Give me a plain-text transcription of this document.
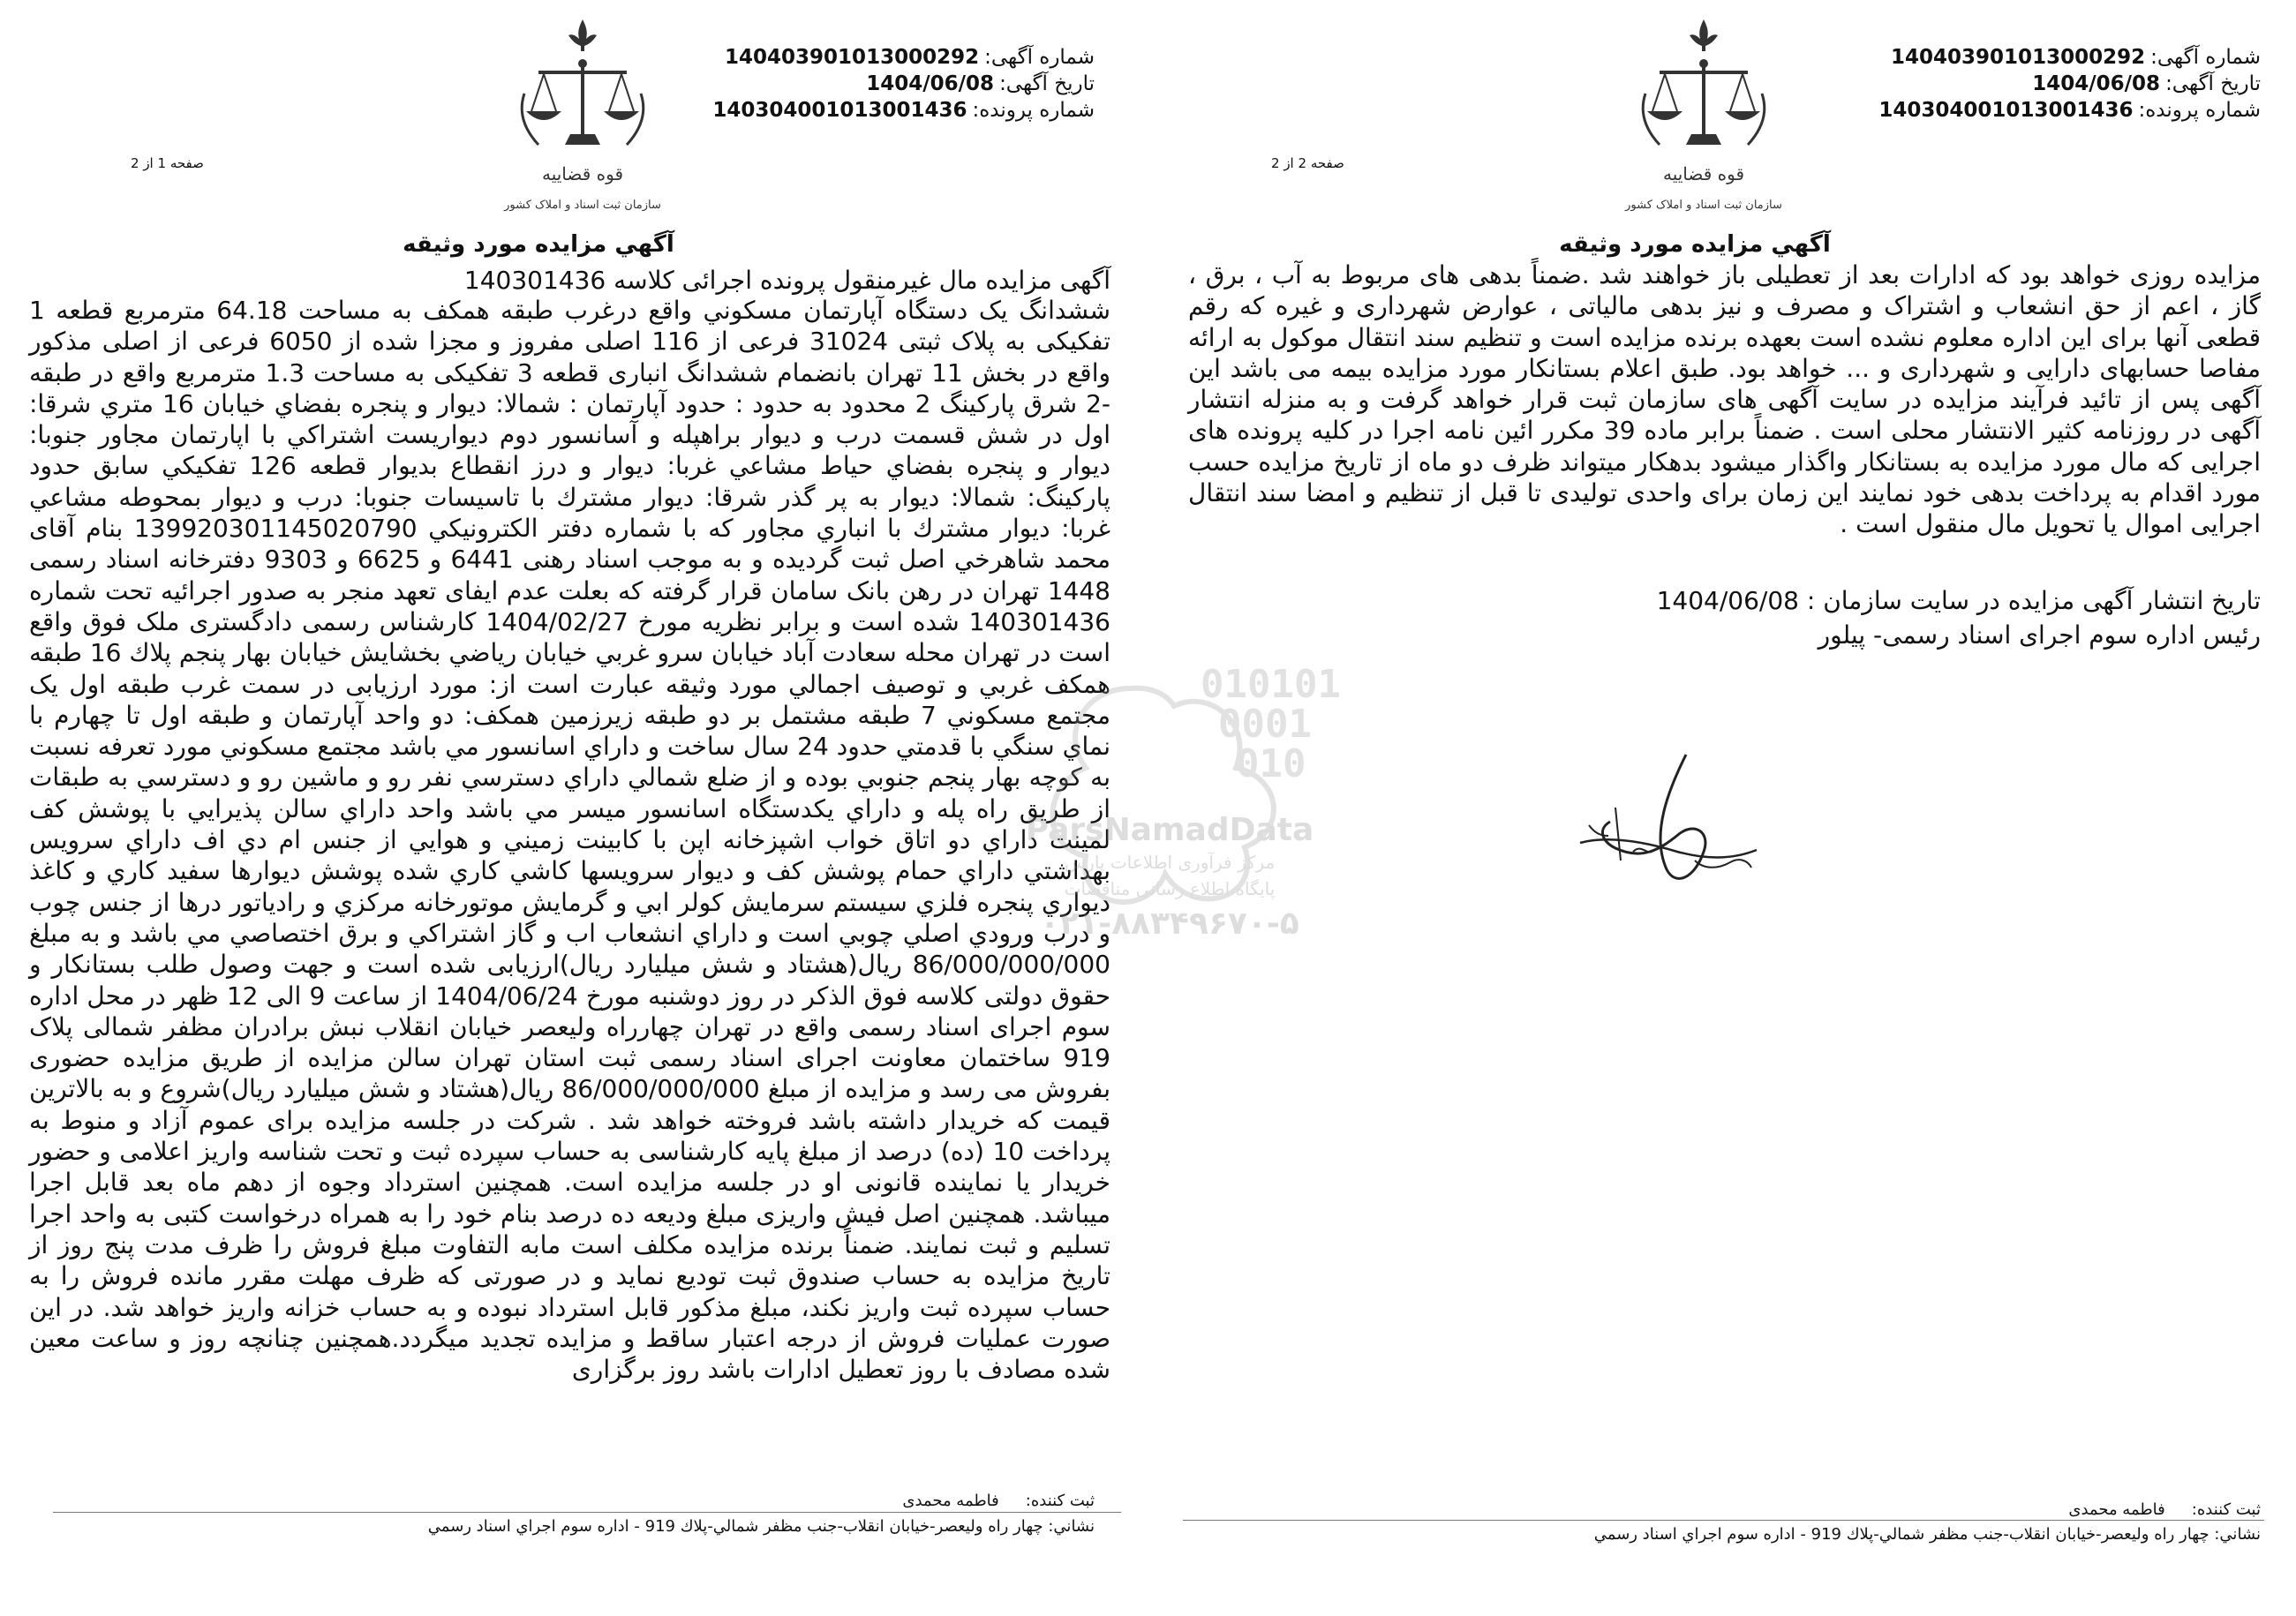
شماره آگهی:140403901013000292
تاریخ آگهی:1404/06/08
شماره پرونده:140304001013001436
قوه قضاییه
سازمان ثبت اسناد و املاک کشور
صفحه 2 از 2
آگهي مزايده مورد وثيقه
مزایده روزی خواهد بود که ادارات بعد از تعطیلی باز خواهند شد .ضمناً بدهی های مربوط به آب ، برق ، گاز ، اعم از حق انشعاب و اشتراک و مصرف و نیز بدهی مالیاتی ، عوارض شهرداری و غیره که رقم قطعی آنها برای این اداره معلوم نشده است بعهده برنده مزایده است و تنظیم سند انتقال موکول به ارائه مفاصا حسابهای دارایی و شهرداری و ... خواهد بود. طبق اعلام بستانکار مورد مزایده بیمه می باشد این آگهی پس از تائید فرآیند مزایده در سایت آگهی های سازمان ثبت قرار خواهد گرفت و به منزله انتشار آگهی در روزنامه کثیر الانتشار محلی است . ضمناً برابر ماده 39 مکرر ائین نامه اجرا در کلیه پرونده های اجرایی که مال مورد مزایده به بستانکار واگذار میشود بدهکار میتواند ظرف دو ماه از تاریخ مزایده حسب مورد اقدام به پرداخت بدهی خود نمایند این زمان برای واحدی تولیدی تا قبل از تنظیم و امضا سند انتقال اجرایی اموال یا تحویل مال منقول است .
تاریخ انتشار آگهی مزایده در سایت سازمان : 1404/06/08
رئیس اداره سوم اجرای اسناد رسمی- پیلور
ثبت کننده:فاطمه محمدی
نشاني: چهار راه وليعصر-خيابان انقلاب-جنب مظفر شمالي-پلاك 919 - اداره سوم اجراي اسناد رسمي
شماره آگهی:140403901013000292
تاریخ آگهی:1404/06/08
شماره پرونده:140304001013001436
قوه قضاییه
سازمان ثبت اسناد و املاک کشور
صفحه 1 از 2
آگهي مزايده مورد وثيقه
آگهی مزایده مال غیرمنقول پرونده اجرائی کلاسه 140301436
ششدانگ يک دستگاه آپارتمان مسكوني واقع درغرب طبقه همكف به مساحت 64.18 مترمربع قطعه 1 تفكيكی به پلاک ثبتی 31024 فرعی از 116 اصلی مفروز و مجزا شده از 6050 فرعی از اصلی مذکور واقع در بخش 11 تهران بانضمام ششدانگ انباری قطعه 3 تفکیکی به مساحت 1.3 مترمربع واقع در طبقه -2 شرق پارکینگ 2 محدود به حدود : حدود آپارتمان : شمالا: ديوار و پنجره بفضاي خيابان 16 متري شرقا: اول در شش قسمت درب و ديوار براهپله و آسانسور دوم ديواريست اشتراكي با اپارتمان مجاور جنوبا: ديوار و پنجره بفضاي حياط مشاعي غربا: ديوار و درز انقطاع بديوار قطعه 126 تفكيكي سابق حدود پاركينگ: شمالا: ديوار به پر گذر شرقا: ديوار مشترك با تاسيسات جنوبا: درب و ديوار بمحوطه مشاعي غربا: ديوار مشترك با انباري مجاور كه با شماره دفتر الكترونيكي 13992030114502079‌0 بنام آقای محمد شاهرخي اصل ثبت گرديده و به موجب اسناد رهنی 6441 و 6625 و 9303 دفترخانه اسناد رسمی 1448 تهران در رهن بانک سامان قرار گرفته که بعلت عدم ایفای تعهد منجر به صدور اجرائیه تحت شماره 140301436 شده است و برابر نظريه مورخ 1404/02/27 كارشناس رسمی دادگستری ملک فوق واقع است در تهران محله سعادت آباد خيابان سرو غربي خيابان رياضي بخشايش خيابان بهار پنجم پلاك 16 طبقه همكف غربي و توصيف اجمالي مورد وثيقه عبارت است از: مورد ارزيابی در سمت غرب طبقه اول يک مجتمع مسكوني 7 طبقه مشتمل بر دو طبقه زيرزمين همكف: دو واحد آپارتمان و طبقه اول تا چهارم با نماي سنگي با قدمتي حدود 24 سال ساخت و داراي اسانسور مي باشد مجتمع مسكوني مورد تعرفه نسبت به كوچه بهار پنجم جنوبي بوده و از ضلع شمالي داراي دسترسي نفر رو و ماشين رو و دسترسي به طبقات از طريق راه پله و داراي يكدستگاه اسانسور ميسر مي باشد واحد داراي سالن پذيرايي با پوشش كف لمينت داراي دو اتاق خواب اشپزخانه اپن با كابينت زميني و هوايي از جنس ام دي اف داراي سرويس بهداشتي داراي حمام پوشش كف و ديوار سرويسها كاشي كاري شده پوشش ديوارها سفيد كاري و كاغذ ديواري پنجره فلزي سيستم سرمايش كولر ابي و گرمايش موتورخانه مركزي و رادياتور درها از جنس چوب و درب ورودي اصلي چوبي است و داراي انشعاب اب و گاز اشتراكي و برق اختصاصي مي باشد و به مبلغ 86/000/000/000 ريال(هشتاد و شش ميليارد ريال)ارزيابی شده است و جهت وصول طلب بستانكار و حقوق دولتی كلاسه فوق الذكر در روز دوشنبه مورخ 1404/06/24 از ساعت 9 الی 12 ظهر در محل اداره سوم اجرای اسناد رسمی واقع در تهران چهارراه وليعصر خيابان انقلاب نبش برادران مظفر شمالی پلاک 919 ساختمان معاونت اجرای اسناد رسمی ثبت استان تهران سالن مزايده از طريق مزايده حضوری بفروش می رسد و مزايده از مبلغ 86/000/000/000 ريال(هشتاد و شش ميليارد ريال)شروع و به بالاترين قيمت كه خريدار داشته باشد فروخته خواهد شد . شركت در جلسه مزايده برای عموم آزاد و منوط به پرداخت 10 (ده) درصد از مبلغ پايه كارشناسی به حساب سپرده ثبت و تحت شناسه واريز اعلامی و حضور خريدار يا نماينده قانونی او در جلسه مزايده است. همچنين استرداد وجوه از دهم ماه بعد قابل اجرا ميباشد. همچنين اصل فيش واريزی مبلغ وديعه ده درصد بنام خود را به همراه درخواست كتبی به واحد اجرا تسليم و ثبت نمايند. ضمناً برنده مزايده مكلف است مابه التفاوت مبلغ فروش را ظرف مدت پنج روز از تاريخ مزايده به حساب صندوق ثبت توديع نمايد و در صورتی كه ظرف مهلت مقرر مانده فروش را به حساب سپرده ثبت واريز نكند، مبلغ مذكور قابل استرداد نبوده و به حساب خزانه واريز خواهد شد. در اين صورت عمليات فروش از درجه اعتبار ساقط و مزايده تجديد ميگردد.همچنين چنانچه روز و ساعت معين شده مصادف با روز تعطيل ادارات باشد روز برگزاری
ثبت کننده:فاطمه محمدی
نشاني: چهار راه وليعصر-خيابان انقلاب-جنب مظفر شمالي-پلاك 919 - اداره سوم اجراي اسناد رسمي
010101
0001
010
ParsNamadData
مرکز فرآوری اطلاعات پارس
پایگاه اطلاع رسانی مناقصات
۰۲۱-۸۸۳۴۹۶۷۰-۵
